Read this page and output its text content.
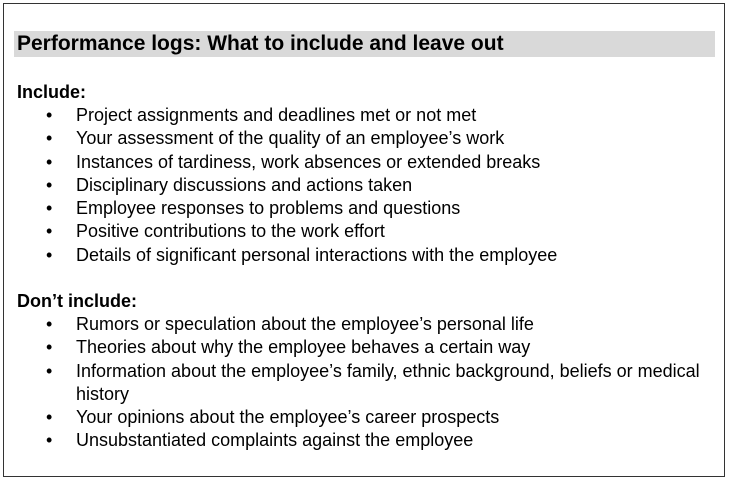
Performance logs: What to include and leave out
Include:
• Project assignments and deadlines met or not met
• Your assessment of the quality of an employee’s work
• Instances of tardiness, work absences or extended breaks
• Disciplinary discussions and actions taken
• Employee responses to problems and questions
• Positive contributions to the work effort
• Details of significant personal interactions with the employee
Don’t include:
• Rumors or speculation about the employee’s personal life
• Theories about why the employee behaves a certain way
• Information about the employee’s family, ethnic background, beliefs or medical history
• Your opinions about the employee’s career prospects
• Unsubstantiated complaints against the employee
